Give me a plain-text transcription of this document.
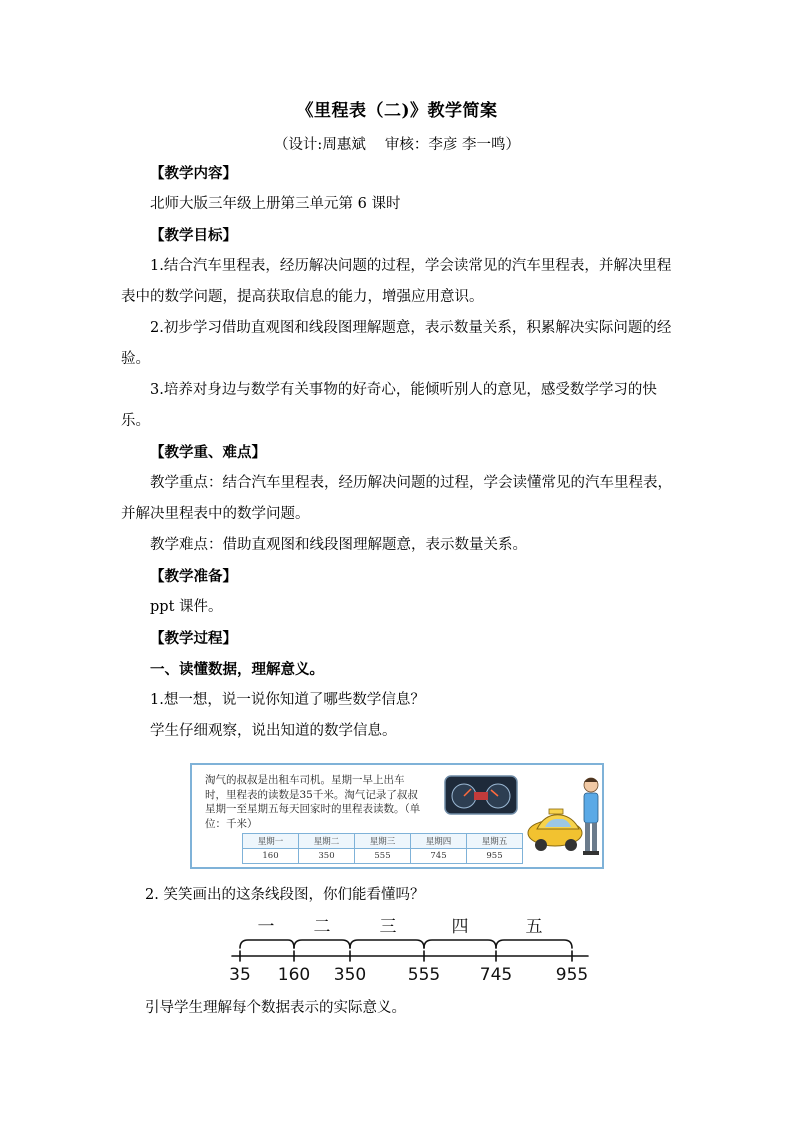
《里程表（二)》教学简案
（设计:周惠斌　 审核：李彦 李一鸣）

【教学内容】

北师大版三年级上册第三单元第 6 课时

【教学目标】

1.结合汽车里程表，经历解决问题的过程，学会读常见的汽车里程表，并解决里程表中的数学问题，提高获取信息的能力，增强应用意识。

2.初步学习借助直观图和线段图理解题意，表示数量关系，积累解决实际问题的经验。

3.培养对身边与数学有关事物的好奇心，能倾听别人的意见，感受数学学习的快乐。

【教学重、难点】

教学重点：结合汽车里程表，经历解决问题的过程，学会读懂常见的汽车里程表，并解决里程表中的数学问题。

教学难点：借助直观图和线段图理解题意，表示数量关系。

【教学准备】

ppt 课件。

【教学过程】

一、读懂数据，理解意义。

1.想一想，说一说你知道了哪些数学信息？

学生仔细观察，说出知道的数学信息。

淘气的叔叔是出租车司机。星期一早上出车时，里程表的读数是35千米。淘气记录了叔叔星期一至星期五每天回家时的里程表读数。（单位：千米）
星期一	星期二	星期三	星期四	星期五
160	350	555	745	955
2. 笑笑画出的这条线段图，你们能看懂吗？
一 二	三	四	五
35 160 350 555 745	955
引导学生理解每个数据表示的实际意义。
